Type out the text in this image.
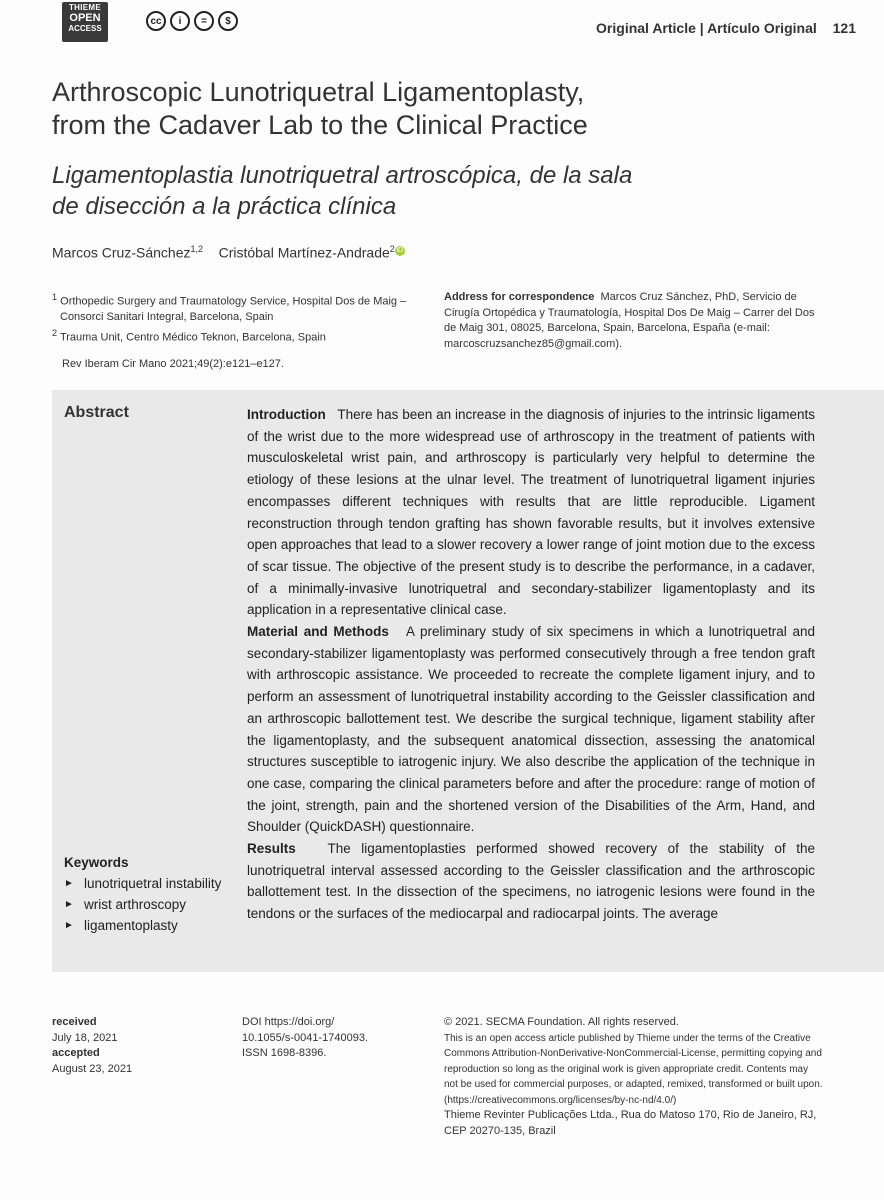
THIEME
OPEN
ACCESS
cc	i	=	$	Original Article | Artículo Original 121
Arthroscopic Lunotriquetral Ligamentoplasty,
from the Cadaver Lab to the Clinical Practice
Ligamentoplastia lunotriquetral artroscópica, de la sala
de disección a la práctica clínica
Marcos Cruz-Sánchez$^{1,2}$ Cristóbal Martínez-Andrade$^2$ iD

$^1$ Orthopedic Surgery and Traumatology Service, Hospital Dos de Maig – Consorci Sanitari Integral, Barcelona, Spain

$^2$ Trauma Unit, Centro Médico Teknon, Barcelona, Spain

Address for correspondence Marcos Cruz Sánchez, PhD, Servicio de Cirugía Ortopédica y Traumatología, Hospital Dos De Maig – Carrer del Dos de Maig 301, 08025, Barcelona, Spain, Barcelona, España (e-mail: marcoscruzsanchez85@gmail.com).
Rev Iberam Cir Mano 2021;49(2):e121–e127.
Abstract	Introduction There has been an increase in the diagnosis of injuries to the intrinsic ligaments of the wrist due to the more widespread use of arthroscopy in the treatment of patients with musculoskeletal wrist pain, and arthroscopy is particularly very helpful to determine the etiology of these lesions at the ulnar level. The treatment of lunotriquetral ligament injuries encompasses different techniques with results that are little reproducible. Ligament reconstruction through tendon grafting has shown favorable results, but it involves extensive open approaches that lead to a slower recovery a lower range of joint motion due to the excess of scar tissue. The objective of the present study is to describe the performance, in a cadaver, of a minimally-invasive lunotriquetral and secondary-stabilizer ligamentoplasty and its application in a representative clinical case.

Material and Methods A preliminary study of six specimens in which a lunotriquetral and secondary-stabilizer ligamentoplasty was performed consecutively through a free tendon graft with arthroscopic assistance. We proceeded to recreate the complete ligament injury, and to perform an assessment of lunotriquetral instability according to the Geissler classification and an arthroscopic ballottement test. We describe the surgical technique, ligament stability after the ligamentoplasty, and the subsequent anatomical dissection, assessing the anatomical structures susceptible to iatrogenic injury. We also describe the application of the technique in one case, comparing the clinical parameters before and after the procedure: range of motion of the joint, strength, pain and the shortened version of the Disabilities of the Arm, Hand, and Shoulder (QuickDASH) questionnaire.

Results The ligamentoplasties performed showed recovery of the stability of the lunotriquetral interval assessed according to the Geissler classification and the arthroscopic ballottement test. In the dissection of the specimens, no iatrogenic lesions were found in the tendons or the surfaces of the mediocarpal and radiocarpal joints. The average

Keywords
► lunotriquetral instability
► wrist arthroscopy
► ligamentoplasty
received
July 18, 2021
accepted
August 23, 2021
DOI https://doi.org/
10.1055/s-0041-1740093.
ISSN 1698-8396.
© 2021. SECMA Foundation. All rights reserved.
This is an open access article published by Thieme under the terms of the Creative Commons Attribution-NonDerivative-NonCommercial-License, permitting copying and reproduction so long as the original work is given appropriate credit. Contents may not be used for commercial purposes, or adapted, remixed, transformed or built upon. (https://creativecommons.org/licenses/by-nc-nd/4.0/)
Thieme Revinter Publicações Ltda., Rua do Matoso 170, Rio de Janeiro, RJ, CEP 20270-135, Brazil
